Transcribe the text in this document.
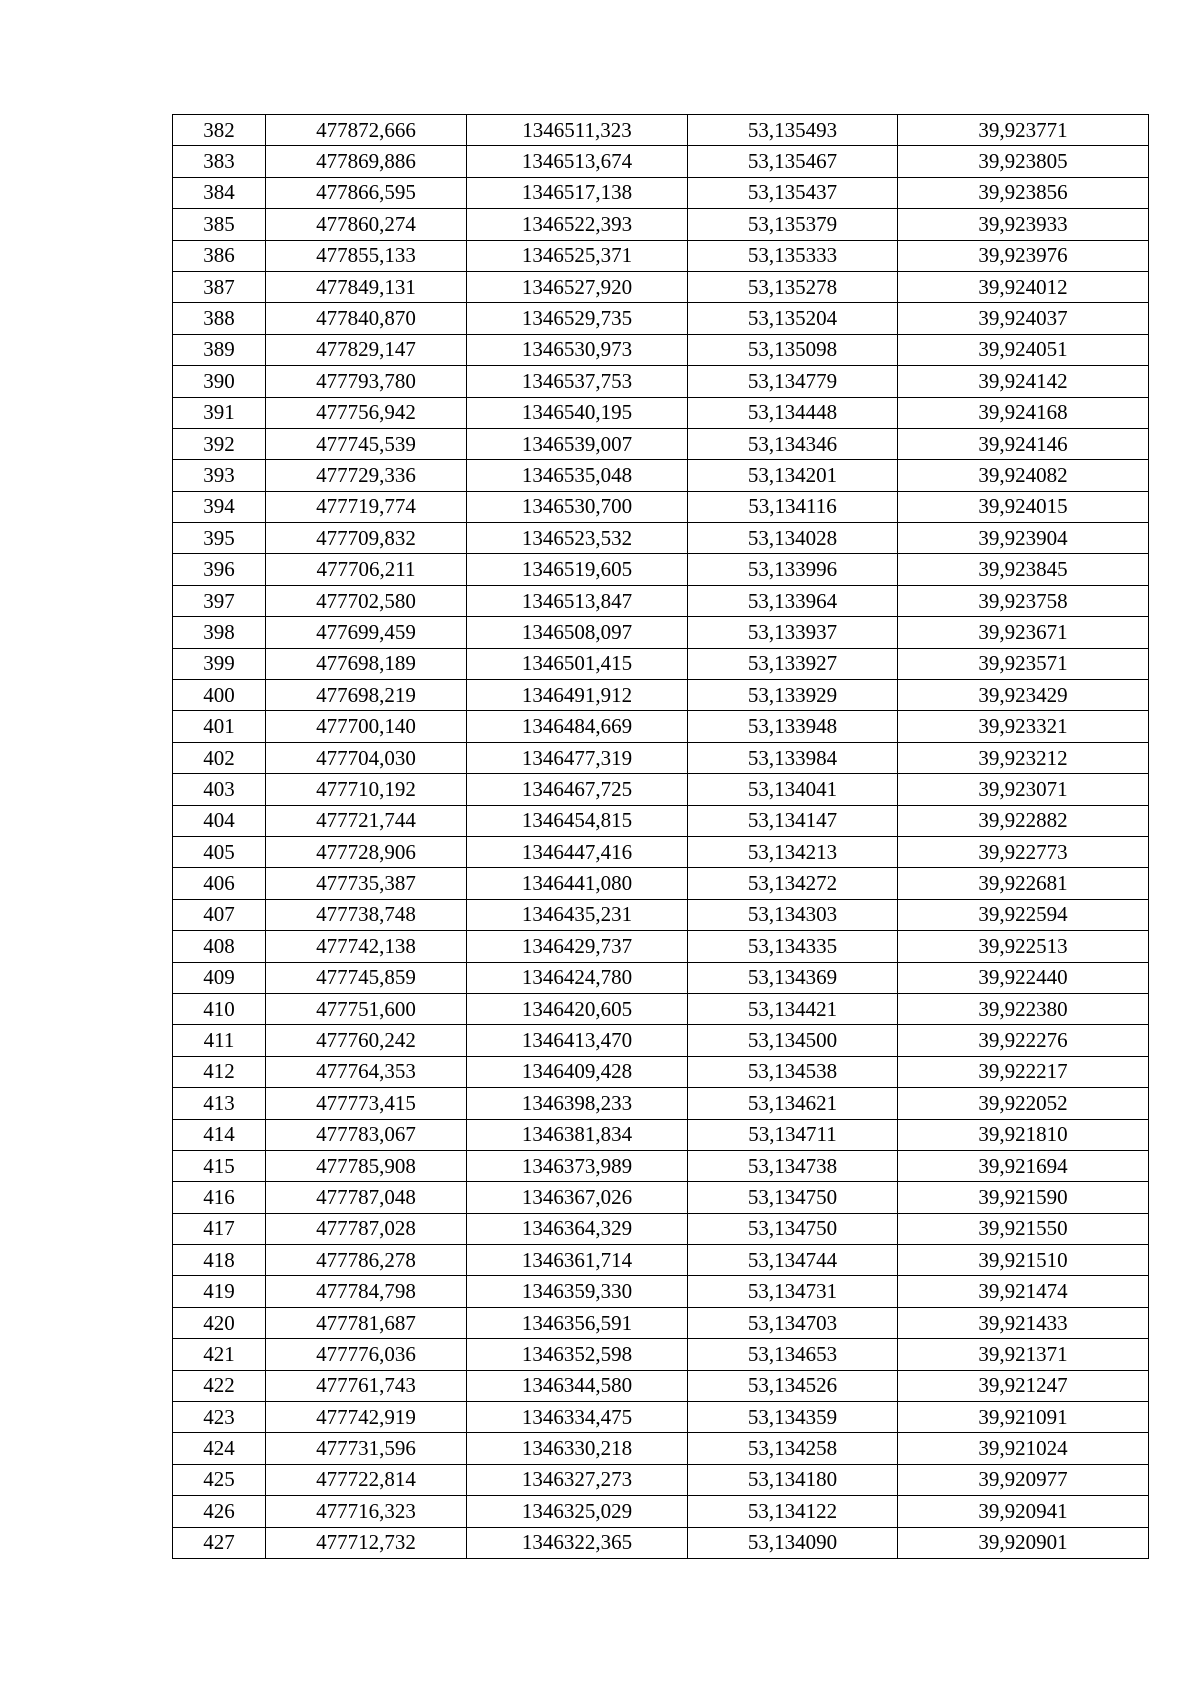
382	477872,666	1346511,323	53,135493	39,923771
383	477869,886	1346513,674	53,135467	39,923805
384	477866,595	1346517,138	53,135437	39,923856
385	477860,274	1346522,393	53,135379	39,923933
386	477855,133	1346525,371	53,135333	39,923976
387	477849,131	1346527,920	53,135278	39,924012
388	477840,870	1346529,735	53,135204	39,924037
389	477829,147	1346530,973	53,135098	39,924051
390	477793,780	1346537,753	53,134779	39,924142
391	477756,942	1346540,195	53,134448	39,924168
392	477745,539	1346539,007	53,134346	39,924146
393	477729,336	1346535,048	53,134201	39,924082
394	477719,774	1346530,700	53,134116	39,924015
395	477709,832	1346523,532	53,134028	39,923904
396	477706,211	1346519,605	53,133996	39,923845
397	477702,580	1346513,847	53,133964	39,923758
398	477699,459	1346508,097	53,133937	39,923671
399	477698,189	1346501,415	53,133927	39,923571
400	477698,219	1346491,912	53,133929	39,923429
401	477700,140	1346484,669	53,133948	39,923321
402	477704,030	1346477,319	53,133984	39,923212
403	477710,192	1346467,725	53,134041	39,923071
404	477721,744	1346454,815	53,134147	39,922882
405	477728,906	1346447,416	53,134213	39,922773
406	477735,387	1346441,080	53,134272	39,922681
407	477738,748	1346435,231	53,134303	39,922594
408	477742,138	1346429,737	53,134335	39,922513
409	477745,859	1346424,780	53,134369	39,922440
410	477751,600	1346420,605	53,134421	39,922380
411	477760,242	1346413,470	53,134500	39,922276
412	477764,353	1346409,428	53,134538	39,922217
413	477773,415	1346398,233	53,134621	39,922052
414	477783,067	1346381,834	53,134711	39,921810
415	477785,908	1346373,989	53,134738	39,921694
416	477787,048	1346367,026	53,134750	39,921590
417	477787,028	1346364,329	53,134750	39,921550
418	477786,278	1346361,714	53,134744	39,921510
419	477784,798	1346359,330	53,134731	39,921474
420	477781,687	1346356,591	53,134703	39,921433
421	477776,036	1346352,598	53,134653	39,921371
422	477761,743	1346344,580	53,134526	39,921247
423	477742,919	1346334,475	53,134359	39,921091
424	477731,596	1346330,218	53,134258	39,921024
425	477722,814	1346327,273	53,134180	39,920977
426	477716,323	1346325,029	53,134122	39,920941
427	477712,732	1346322,365	53,134090	39,920901
